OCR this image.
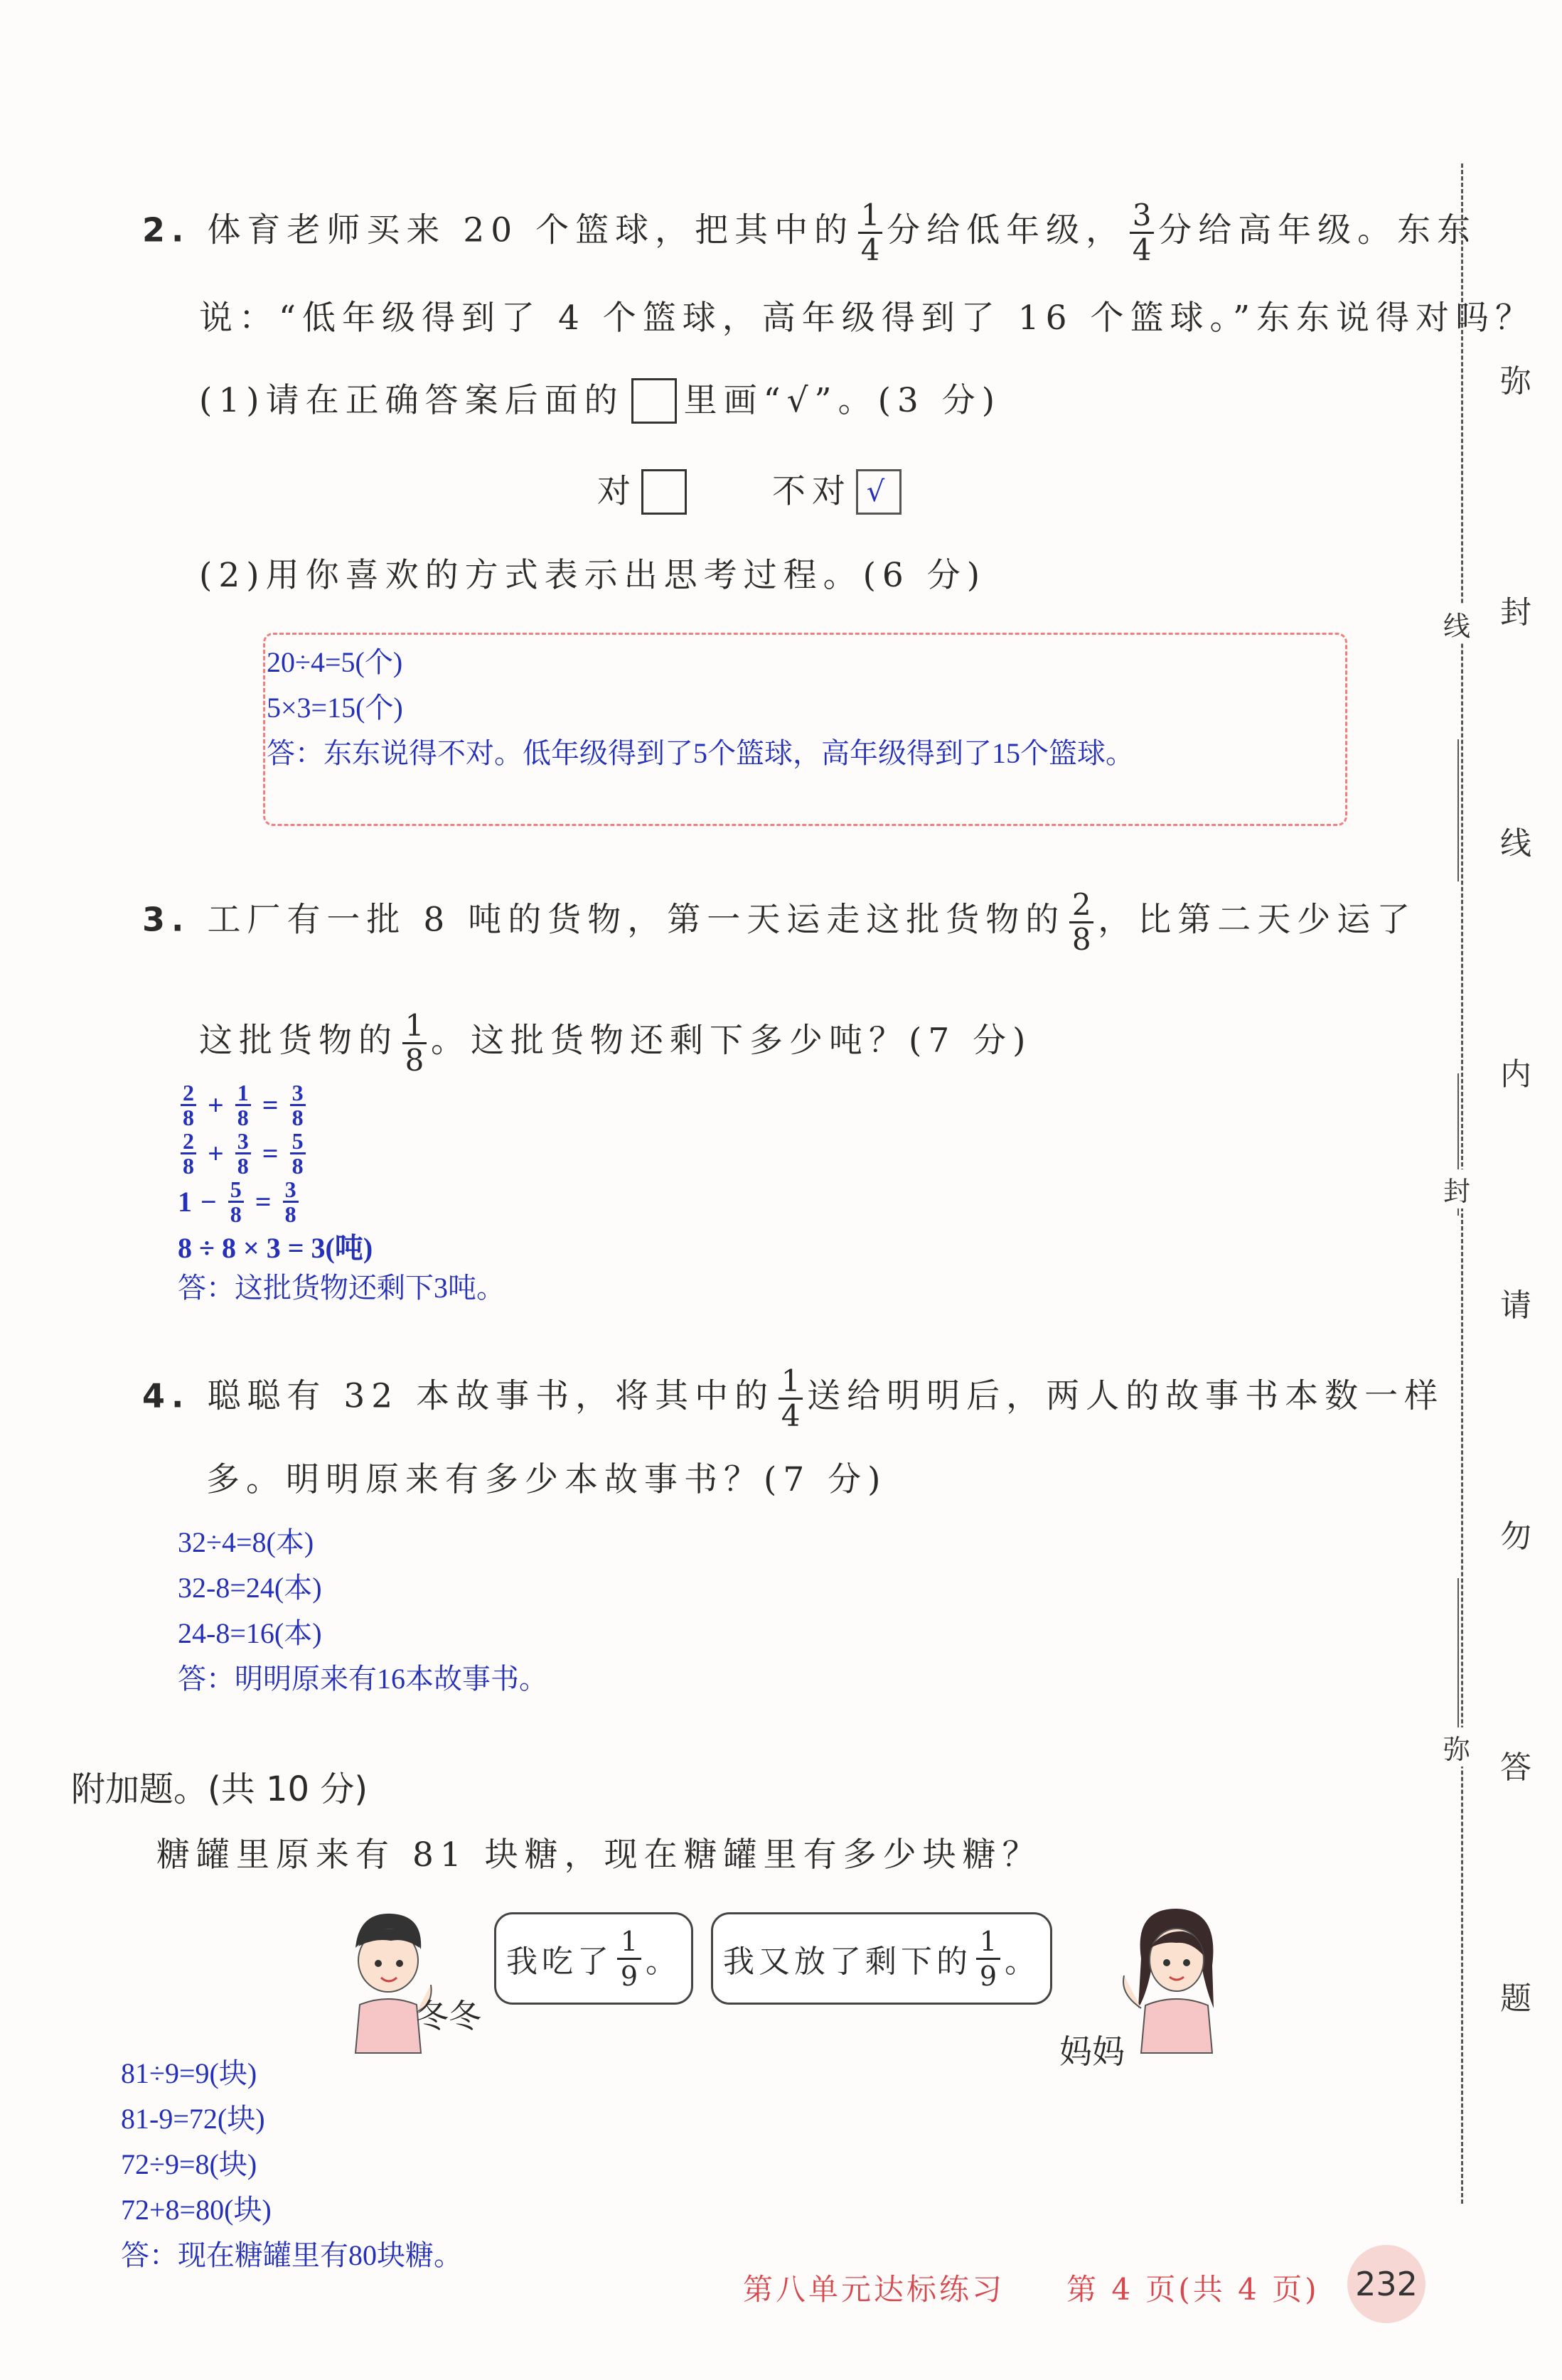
2. 体育老师买来 20 个篮球，把其中的 $\frac{1}{4}$ 分给低年级， $\frac{3}{4}$ 分给高年级。东东
说：“低年级得到了 4 个篮球，高年级得到了 16 个篮球。”东东说得对吗？
(1)请在正确答案后面的 里画“√”。(3 分)
对	不对 √
(2)用你喜欢的方式表示出思考过程。(6 分)
20÷4=5(个)
5×3=15(个)
答：东东说得不对。低年级得到了5个篮球，高年级得到了15个篮球。
3. 工厂有一批 8 吨的货物，第一天运走这批货物的 $\frac{2}{8}$ ，比第二天少运了
这批货物的 $\frac{1}{8}$ 。这批货物还剩下多少吨？(7 分)
2
8 + 1
8 = 3
8
2
8 + 3
8 = 5
8
1 − 5
8 = 3
8
8 ÷ 8 × 3 = 3(吨)
答：这批货物还剩下3吨。
4. 聪聪有 32 本故事书，将其中的 $\frac{1}{4}$ 送给明明后，两人的故事书本数一样
多。明明原来有多少本故事书？(7 分)
32÷4=8(本)
32-8=24(本)
24-8=16(本)
答：明明原来有16本故事书。
附加题。(共 10 分)
糖罐里原来有 81 块糖，现在糖罐里有多少块糖？
冬冬
我吃了 $\frac{1}{9}$ 。 我又放了剩下的 $\frac{1}{9}$ 。
妈妈
81÷9=9(块)
81-9=72(块)
72÷9=8(块)
72+8=80(块)
答：现在糖罐里有80块糖。
线
封
弥
弥
封
线
内
请
勿
答
题
第八单元达标练习 第 4 页(共 4 页) 232
